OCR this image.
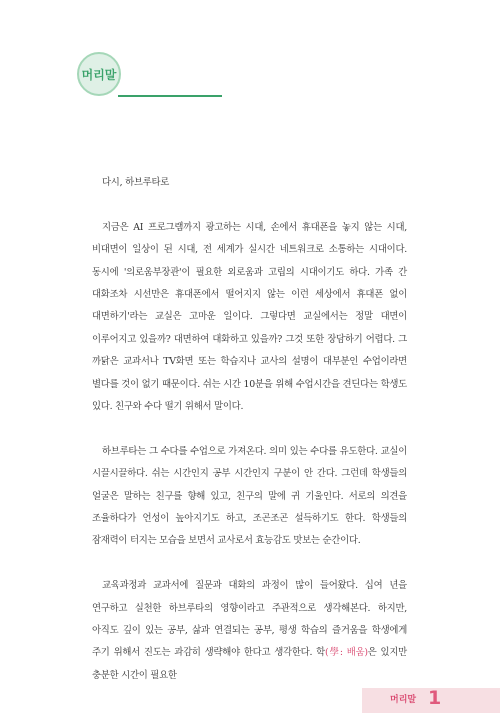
머리말

다시, 하브루타로

지금은 AI 프로그램까지 광고하는 시대, 손에서 휴대폰을 놓지 않는 시대, 비대면이 일상이 된 시대, 전 세계가 실시간 네트워크로 소통하는 시대이다. 동시에 '의로움부장관'이 필요한 외로움과 고립의 시대이기도 하다. 가족 간 대화조차 시선만은 휴대폰에서 떨어지지 않는 이런 세상에서 휴대폰 없이 대면하기'라는 교실은 고마운 일이다. 그렇다면 교실에서는 정말 대면이 이루어지고 있을까? 대면하여 대화하고 있을까? 그것 또한 장담하기 어렵다. 그 까닭은 교과서나 TV화면 또는 학습지나 교사의 설명이 대부분인 수업이라면 별다를 것이 없기 때문이다. 쉬는 시간 10분을 위해 수업시간을 견딘다는 학생도 있다. 친구와 수다 떨기 위해서 말이다.

하브루타는 그 수다를 수업으로 가져온다. 의미 있는 수다를 유도한다. 교실이 시끌시끌하다. 쉬는 시간인지 공부 시간인지 구분이 안 간다. 그런데 학생들의 얼굴은 말하는 친구를 향해 있고, 친구의 말에 귀 기울인다. 서로의 의견을 조율하다가 언성이 높아지기도 하고, 조곤조곤 설득하기도 한다. 학생들의 잠재력이 터지는 모습을 보면서 교사로서 효능감도 맛보는 순간이다.

교육과정과 교과서에 질문과 대화의 과정이 많이 들어왔다. 십여 년을 연구하고 실천한 하브루타의 영향이라고 주관적으로 생각해본다. 하지만, 아직도 깊이 있는 공부, 삶과 연결되는 공부, 평생 학습의 즐거움을 학생에게 주기 위해서 진도는 과감히 생략해야 한다고 생각한다. 학(學: 배움)은 있지만 충분한 시간이 필요한

머리말 1
